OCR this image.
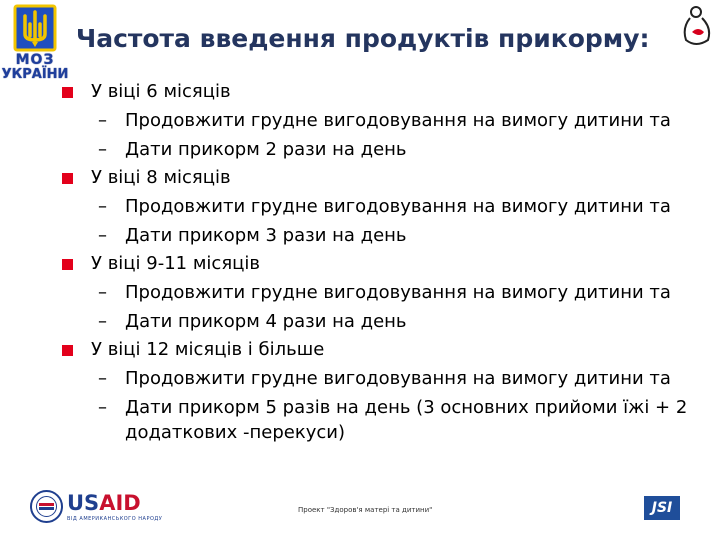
МОЗ
УКРАЇНИ
Частота введення продуктів прикорму:
У віці 6 місяців
– Продовжити грудне вигодовування на вимогу дитини та
– Дати прикорм 2 рази на день
У віці 8 місяців
– Продовжити грудне вигодовування на вимогу дитини та
– Дати прикорм 3 рази на день
У віці 9-11 місяців
– Продовжити грудне вигодовування на вимогу дитини та
– Дати прикорм 4 рази на день
У віці 12 місяців і більше
– Продовжити грудне вигодовування на вимогу дитини та
– Дати прикорм 5 разів на день (3 основних прийоми їжі + 2
додаткових -перекуси)
USAID
ВІД АМЕРИКАНСЬКОГО НАРОДУ
Проект "Здоров'я матері та дитини"	JSI
